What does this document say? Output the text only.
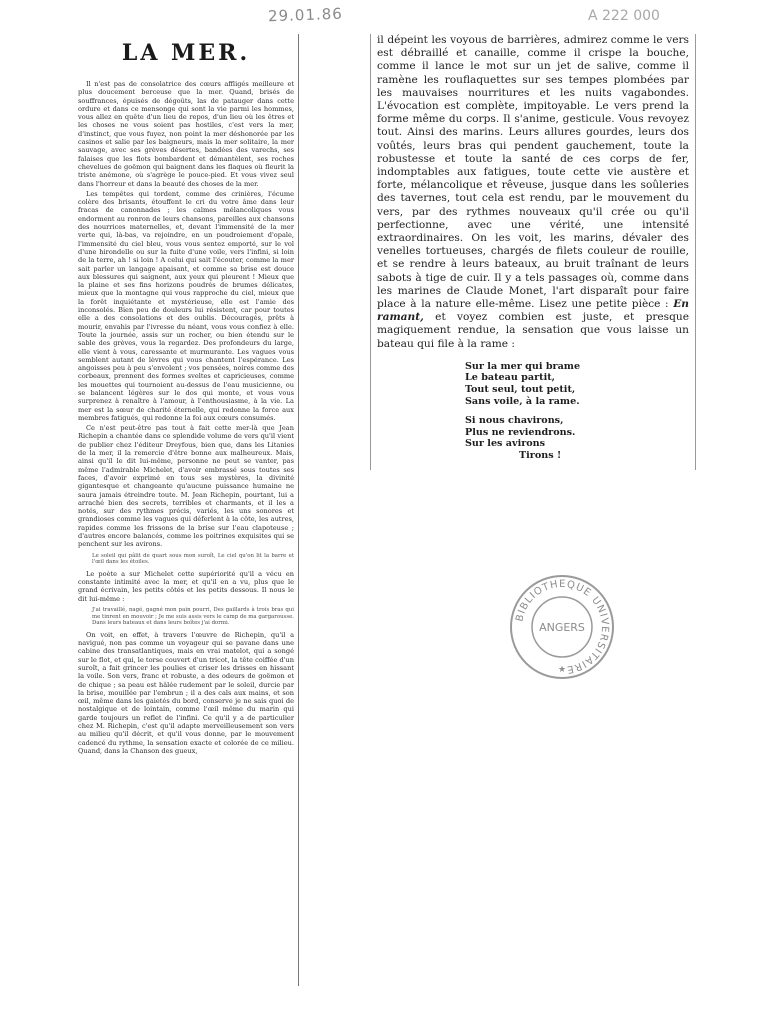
29.01.86	A 222 000
LA MER.

Il n'est pas de consolatrice des cœurs affligés meilleure et plus doucement berceuse que la mer. Quand, brisés de souffrances, épuisés de dégoûts, las de patauger dans cette ordure et dans ce mensonge qui sont la vie parmi les hommes, vous allez en quête d'un lieu de repos, d'un lieu où les êtres et les choses ne vous soient pas hostiles, c'est vers la mer, d'instinct, que vous fuyez, non point la mer déshonorée par les casinos et salie par les baigneurs, mais la mer solitaire, la mer sauvage, avec ses grèves désertes, bandées des varechs, ses falaises que les flots bombardent et démantèlent, ses roches chevelues de goëmon qui baignent dans les flaques où fleurit la triste anémone, où s'agrège le pouce-pied. Et vous vivez seul dans l'horreur et dans la beauté des choses de la mer.

Les tempêtes qui tordent, comme des crinières, l'écume colère des brisants, étouffent le cri du votre âme dans leur fracas de canonnades ; les calmes mélancoliques vous endorment au ronron de leurs chansons, pareilles aux chansons des nourrices maternelles, et, devant l'immensité de la mer verte qui, là-bas, va rejoindre, en un poudroiement d'opale, l'immensité du ciel bleu, vous vous sentez emporté, sur le vol d'une hirondelle ou sur la fuite d'une voile, vers l'infini, si loin de la terre, ah ! si loin ! A celui qui sait l'écouter, comme la mer sait parler un langage apaisant, et comme sa brise est douce aux blessures qui saignent, aux yeux qui pleurent ! Mieux que la plaine et ses fins horizons poudrés de brumes délicates, mieux que la montagne qui vous rapproche du ciel, mieux que la forêt inquiétante et mystérieuse, elle est l'amie des inconsolés. Bien peu de douleurs lui résistent, car pour toutes elle a des consolations et des oublis. Découragés, prêts à mourir, envahis par l'ivresse du néant, vous vous confiez à elle. Toute la journée, assis sur un rocher, ou bien étendu sur le sable des grèves, vous la regardez. Des profondeurs du large, elle vient à vous, caressante et murmurante. Les vagues vous semblent autant de lèvres qui vous chantent l'espérance. Les angoisses peu à peu s'envolent ; vos pensées, noires comme des corbeaux, prennent des formes sveltes et capricieuses, comme les mouettes qui tournoient au-dessus de l'eau musicienne, ou se balancent légères sur le dos qui monte, et vous vous surprenez à renaître à l'amour, à l'enthousiasme, à la vie. La mer est la sœur de charité éternelle, qui redonne la force aux membres fatigués, qui redonne la foi aux cœurs consumés.

Ce n'est peut-être pas tout à fait cette mer-là que Jean Richepin a chantée dans ce splendide volume de vers qu'il vient de publier chez l'éditeur Dreyfous, bien que, dans les Litanies de la mer, il la remercie d'être bonne aux malheureux. Mais, ainsi qu'il le dit lui-même, personne ne peut se vanter, pas même l'admirable Michelet, d'avoir embrassé sous toutes ses faces, d'avoir exprimé en tous ses mystères, la divinité gigantesque et changeante qu'aucune puissance humaine ne saura jamais étreindre toute. M. Jean Richepin, pourtant, lui a arraché bien des secrets, terribles et charmants, et il les a notés, sur des rythmes précis, variés, les uns sonores et grandioses comme les vagues qui déferlent à la côte, les autres, rapides comme les frissons de la brise sur l'eau clapoteuse ; d'autres encore balancés, comme les poitrines exquisites qui se penchent sur les avirons.

Le soleil qui pâlit de quart sous mon suroît, Le ciel qu'on lit la barre et l'œil dans les étoiles.

Le poète a sur Michelet cette supériorité qu'il a vécu en constante intimité avec la mer, et qu'il en a vu, plus que le grand écrivain, les petits côtés et les petits dessous. Il nous le dit lui-même :

J'ai travaillé, nagé, gagné mon pain pourri, Des gaillards à trois bras qui me tinrent en mouvoir ; Je me suis assis vers le camp de ma gargarousse. Dans leurs bateaux et dans leurs boîtes j'ai dormi.

On voit, en effet, à travers l'œuvre de Richepin, qu'il a navigué, non pas comme un voyageur qui se pavane dans une cabine des transatlantiques, mais en vrai matelot, qui a songé sur le flot, et qui, le torse couvert d'un tricot, la tête coiffée d'un suroît, a fait grincer les poulies et criser les drisses en hissant la voile. Son vers, franc et robuste, a des odeurs de goëmon et de chique ; sa peau est hâlée rudement par le soleil, durcie par la brise, mouillée par l'embrun ; il a des cals aux mains, et son œil, même dans les gaietés du bord, conserve je ne sais quoi de nostalgique et de lointain, comme l'œil même du marin qui garde toujours un reflet de l'infini. Ce qu'il y a de particulier chez M. Richepin, c'est qu'il adapte merveilleusement son vers au milieu qu'il décrit, et qu'il vous donne, par le mouvement cadencé du rythme, la sensation exacte et colorée de ce milieu. Quand, dans la Chanson des gueux,

il dépeint les voyous de barrières, admirez comme le vers est débraillé et canaille, comme il crispe la bouche, comme il lance le mot sur un jet de salive, comme il ramène les rouflaquettes sur ses tempes plombées par les mauvaises nourritures et les nuits vagabondes. L'évocation est complète, impitoyable. Le vers prend la forme même du corps. Il s'anime, gesticule. Vous revoyez tout. Ainsi des marins. Leurs allures gourdes, leurs dos voûtés, leurs bras qui pendent gauchement, toute la robustesse et toute la santé de ces corps de fer, indomptables aux fatigues, toute cette vie austère et forte, mélancolique et rêveuse, jusque dans les soûleries des tavernes, tout cela est rendu, par le mouvement du vers, par des rythmes nouveaux qu'il crée ou qu'il perfectionne, avec une vérité, une intensité extraordinaires. On les voit, les marins, dévaler des venelles tortueuses, chargés de filets couleur de rouille, et se rendre à leurs bateaux, au bruit traînant de leurs sabots à tige de cuir. Il y a tels passages où, comme dans les marines de Claude Monet, l'art disparaît pour faire place à la nature elle-même. Lisez une petite pièce : En ramant, et voyez combien est juste, et presque magiquement rendue, la sensation que vous laisse un bateau qui file à la rame :

Sur la mer qui brame
Le bateau partit,
Tout seul, tout petit,
Sans voile, à la rame.
Si nous chavirons,
Plus ne reviendrons.
Sur les avirons
Tirons !
BIBLIOTHEQUE UNIVERSITAIRE
ANGERS
★
